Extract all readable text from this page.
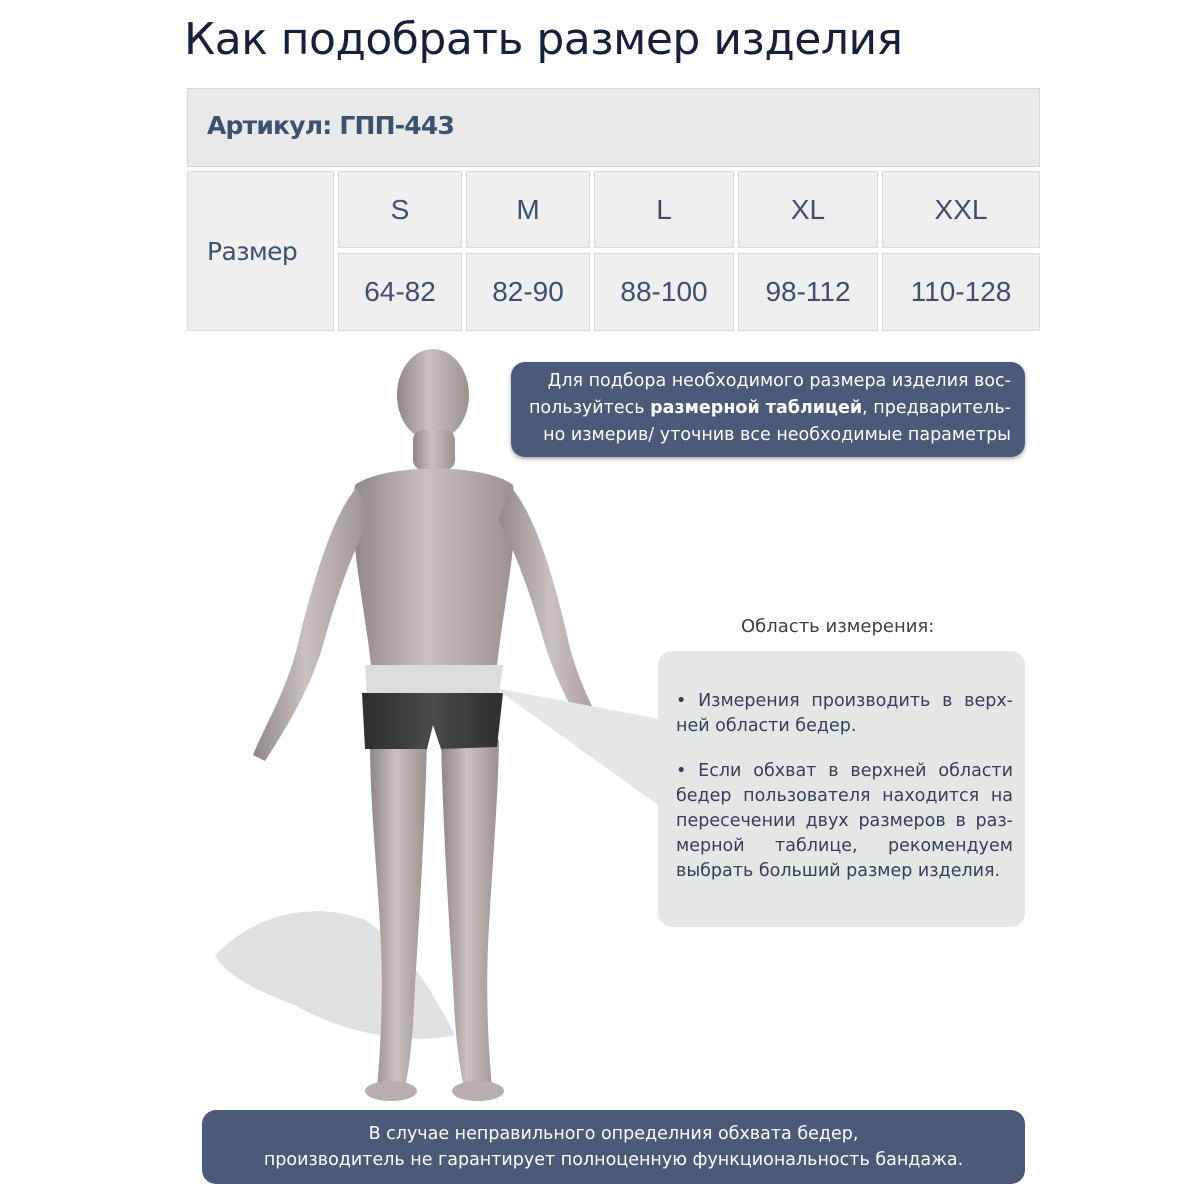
Как подобрать размер изделия
Артикул: ГПП-443
Размер
S	M	L	XL	XXL
64-82	82-90	88-100	98-112	110-128
Для подбора необходимого размера изделия вос-пользуйтесь размерной таблицей, предваритель-но измерив/ уточнив все необходимые параметры
Область измерения:

• Измерения производить в верх-ней области бедер.

• Если обхват в верхней области бедер пользователя находится на пересечении двух размеров в раз-мерной таблице, рекомендуем выбрать больший размер изделия.

В случае неправильного определния обхвата бедер,
производитель не гарантирует полноценную функциональность бандажа.
